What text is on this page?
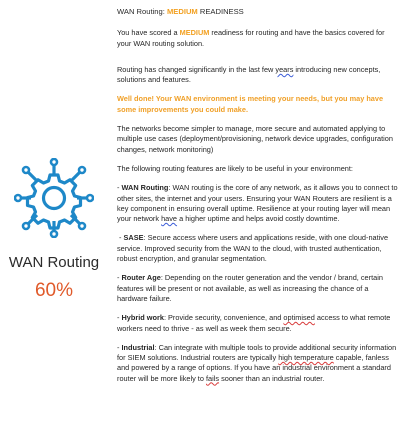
WAN Routing
60%
WAN Routing: MEDIUM READINESS

You have scored a MEDIUM readiness for routing and have the basics covered for your WAN routing solution.

Routing has changed significantly in the last few years introducing new concepts, solutions and features.

Well done! Your WAN environment is meeting your needs, but you may have some improvements you could make.

The networks become simpler to manage, more secure and automated applying to multiple use cases (deployment/provisioning, network device upgrades, configuration changes, network monitoring)

The following routing features are likely to be useful in your environment:

- WAN Routing: WAN routing is the core of any network, as it allows you to connect to other sites, the internet and your users. Ensuring your WAN Routers are resilient is a key component in ensuring overall uptime. Resilience at your routing layer will mean your network have a higher uptime and helps avoid costly downtime.

- SASE: Secure access where users and applications reside, with one cloud-native service. Improved security from the WAN to the cloud, with trusted authentication, robust encryption, and granular segmentation.

- Router Age: Depending on the router generation and the vendor / brand, certain features will be present or not available, as well as increasing the chance of a hardware failure.

- Hybrid work: Provide security, convenience, and optimised access to what remote workers need to thrive - as well as week them secure.

- Industrial: Can integrate with multiple tools to provide additional security information for SIEM solutions. Industrial routers are typically high temperature capable, fanless and powered by a range of options. If you have an industrial environment a standard router will be more likely to fails sooner than an industrial router.
